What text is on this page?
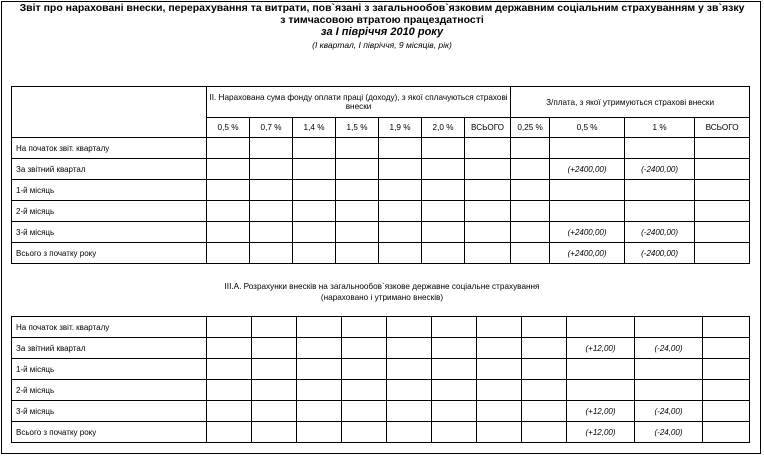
Звіт про нараховані внески, перерахування та витрати, пов`язані з загальнообов`язковим державним соціальним страхуванням у зв`язку
з тимчасовою втратою працездатності
за I півріччя 2010 року
(I квартал, I півріччя, 9 місяців, рік)
	II. Нарахована сума фонду оплати праці (доходу), з якої сплачуються страхові внески							З/плата, з якої утримуються страхові внески			
	0,5 %	0,7 %	1,4 %	1,5 %	1,9 %	2,0 %	ВСЬОГО	0,25 %	0,5 %	1 %	ВСЬОГО
На початок звіт. кварталу											
За звітний квартал									(+2400,00)	(-2400,00)	
1-й місяць											
2-й місяць											
3-й місяць									(+2400,00)	(-2400,00)	
Всього з початку року									(+2400,00)	(-2400,00)	
III.А. Розрахунки внесків на загальнообов`язкове державне соціальне страхування
(нараховано і утримано внесків)
На початок звіт. кварталу											
За звітний квартал									(+12,00)	(-24,00)	
1-й місяць											
2-й місяць											
3-й місяць									(+12,00)	(-24,00)	
Всього з початку року									(+12,00)	(-24,00)	
